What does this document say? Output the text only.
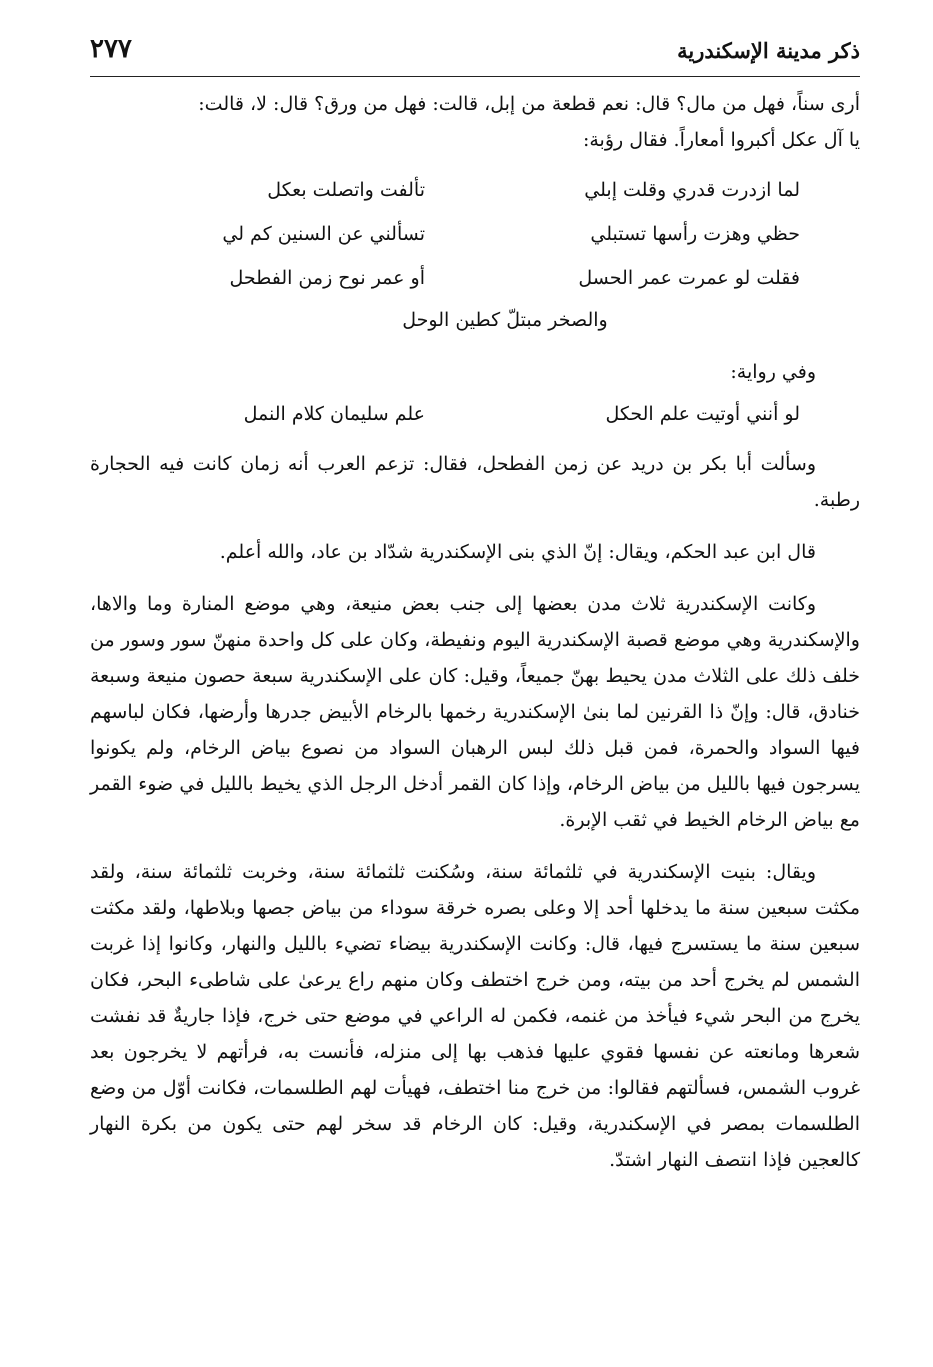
ذكر مدينة الإسكندرية
٢٧٧

أرى سناً، فهل من مال؟ قال: نعم قطعة من إبل، قالت: فهل من ورق؟ قال: لا، قالت:

يا آل عكل أكبروا أمعاراً. فقال رؤبة:

لما ازدرت قدري وقلت إبلي
تألفت واتصلت بعكل
حظي وهزت رأسها تستبلي
تسألني عن السنين كم لي
فقلت لو عمرت عمر الحسل
أو عمر نوح زمن الفطحل
والصخر مبتلّ كطين الوحل
وفي رواية:
لو أنني أوتيت علم الحكل
علم سليمان كلام النمل

وسألت أبا بكر بن دريد عن زمن الفطحل، فقال: تزعم العرب أنه زمان كانت فيه الحجارة رطبة.

قال ابن عبد الحكم، ويقال: إنّ الذي بنى الإسكندرية شدّاد بن عاد، والله أعلم.

وكانت الإسكندرية ثلاث مدن بعضها إلى جنب بعض منيعة، وهي موضع المنارة وما والاها، والإسكندرية وهي موضع قصبة الإسكندرية اليوم ونفيطة، وكان على كل واحدة منهنّ سور وسور من خلف ذلك على الثلاث مدن يحيط بهنّ جميعاً، وقيل: كان على الإسكندرية سبعة حصون منيعة وسبعة خنادق، قال: وإنّ ذا القرنين لما بنىٰ الإسكندرية رخمها بالرخام الأبيض جدرها وأرضها، فكان لباسهم فيها السواد والحمرة، فمن قبل ذلك لبس الرهبان السواد من نصوع بياض الرخام، ولم يكونوا يسرجون فيها بالليل من بياض الرخام، وإذا كان القمر أدخل الرجل الذي يخيط بالليل في ضوء القمر مع بياض الرخام الخيط في ثقب الإبرة.

ويقال: بنيت الإسكندرية في ثلثمائة سنة، وسُكنت ثلثمائة سنة، وخربت ثلثمائة سنة، ولقد مكثت سبعين سنة ما يدخلها أحد إلا وعلى بصره خرقة سوداء من بياض جصها وبلاطها، ولقد مكثت سبعين سنة ما يستسرج فيها، قال: وكانت الإسكندرية بيضاء تضيء بالليل والنهار، وكانوا إذا غربت الشمس لم يخرج أحد من بيته، ومن خرج اختطف وكان منهم راع يرعىٰ على شاطىء البحر، فكان يخرج من البحر شيء فيأخذ من غنمه، فكمن له الراعي في موضع حتى خرج، فإذا جاريةٌ قد نفشت شعرها ومانعته عن نفسها فقوي عليها فذهب بها إلى منزله، فأنست به، فرأتهم لا يخرجون بعد غروب الشمس، فسألتهم فقالوا: من خرج منا اختطف، فهيأت لهم الطلسمات، فكانت أوّل من وضع الطلسمات بمصر في الإسكندرية، وقيل: كان الرخام قد سخر لهم حتى يكون من بكرة النهار كالعجين فإذا انتصف النهار اشتدّ.
